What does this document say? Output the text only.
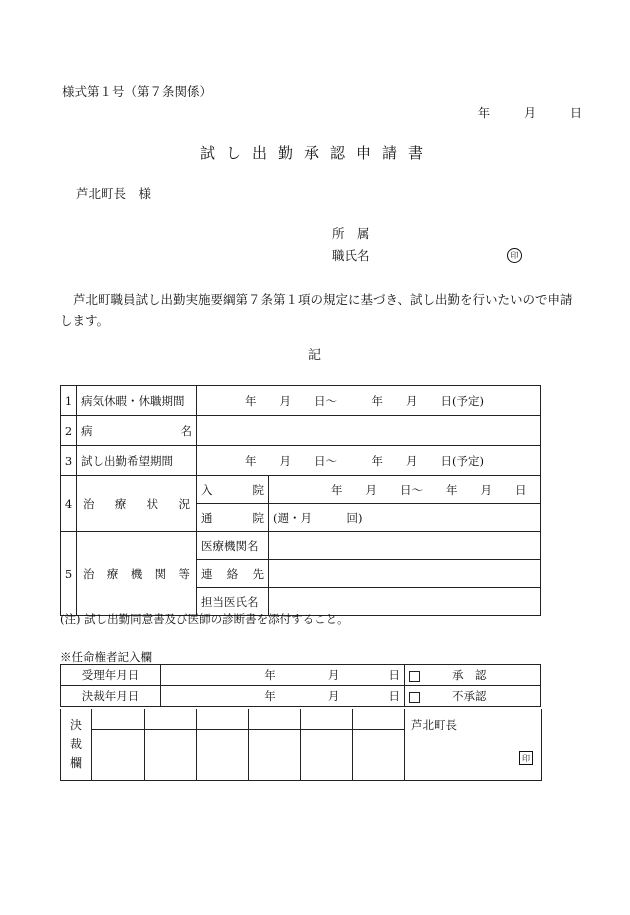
様式第１号（第７条関係）
年	月	日
試し出勤承認申請書
芦北町長　様
所　属
職氏名	印
芦北町職員試し出勤実施要綱第７条第１項の規定に基づき、試し出勤を行いたいので申請します。
記
1	病気休暇・休職期間	年　　月　　日～　　　年　　月　　日(予定)	
2	病 名		

3	試し出勤希望期間	年　　月　　日～　　　年　　月　　日(予定)	
4	治 療 状 況	入 院	年　　月　　日～　　年　　月　　日

		通 院	(週・月　　　回)
5	治 療 機 関 等	医療機関名	

		連 絡 先	

		担当医氏名	
(注) 試し出勤同意書及び医師の診断書を添付すること。
※任命権者記入欄
受理年月日	年 月 日	承　認
決裁年月日	年 月 日	不承認
決
裁
欄
芦北町長
印
